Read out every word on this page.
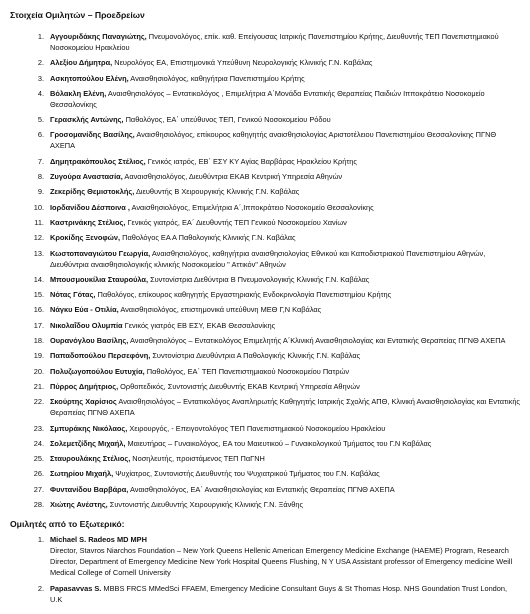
Στοιχεία Ομιλητών – Προεδρείων

1. Αγγουριδάκης Παναγιώτης, Πνευμονολόγος, επίκ. καθ. Επείγουσας Ιατρικής Πανεπιστημίου Κρήτης, Διευθυντής ΤΕΠ Πανεπιστημιακού Νοσοκομείου Ηρακλείου
2. Αλεξίου Δήμητρα, Νευρολόγος ΕΑ, Επιστημονικά Υπεύθυνη Νευρολογικής Κλινικής Γ.Ν. Καβάλας
3. Ασκητοπούλου Ελένη, Αναισθησιολόγος, καθηγήτρια Πανεπιστημίου Κρήτης
4. Βόλακλη Ελένη, Αναισθησιολόγος – Εντατικολόγος , Επιμελήτρια Α΄Μονάδα Εντατικής Θεραπείας Παιδιών Ιπποκράτειο Νοσοκομείο Θεσσαλονίκης
5. Γερασκλής Αντώνης, Παθολόγος, ΕΑ΄ υπεύθυνος ΤΕΠ, Γενικού Νοσοκομείου Ρόδου
6. Γροσομανίδης Βασίλης, Αναισθησιολόγος, επίκουρος καθηγητής αναισθησιολογίας Αριστοτέλειου Πανεπιστημίου Θεσσαλονίκης ΠΓΝΘ ΑΧΕΠΑ
7. Δημητρακόπουλος Στέλιος, Γενικός ιατρός, ΕΒ΄ ΕΣΥ ΚΥ Αγίας Βαρβάρας Ηρακλείου Κρήτης
8. Ζυγούρα Αναστασία, Ααναισθησιολόγος, Διευθύντρια ΕΚΑΒ Κεντρική Υπηρεσία Αθηνών
9. Ζεκερίδης Θεμιστοκλής, Διευθυντής Β Χειρουργικής Κλινικής Γ.Ν. Καβάλας
10. Ιορδανίδου Δέσποινα , Αναισθησιολόγος, Επιμελήτρια Α΄,Ιπποκράτειο Νοσοκομείο Θεσσαλονίκης
11. Καστρινάκης Στέλιος, Γενικός γιατρός, ΕΑ΄ Διευθυντής ΤΕΠ Γενικού Νοσοκομείου Χανίων
12. Κροκίδης Ξενοφών, Παθολόγος ΕΑ Α Παθολογικής Κλινικής Γ.Ν. Καβάλας
13. Κωστοπαναγιώτου Γεωργία, Αναισθησιολόγος, καθηγήτρια αναισθησιολογίας Εθνικού και Καποδιστριακού Πανεπιστημίου Αθηνών, Διευθύντρια αναισθησιολογικής κλινικής Νοσοκομείου " Αττικόν" Αθηνών
14. Μπουσμουκίλια Σταυρούλα, Συντονίστρια Διεθύντρια Β Πνευμονολογικής Κλινικής Γ.Ν. Καβάλας
15. Νότας Γότας, Παθολόγος, επίκουρος καθηγητής Εργαστηριακής Ενδοκρινολογία Πανεπιστημίου Κρήτης
16. Νάγκυ Εύα - Οτιλία, Αναισθησιολόγος, επιστημονικά υπεύθυνη ΜΕΘ Γ,Ν Καβάλας
17. Νικολαΐδου Ολυμπία Γενικός γιατρός ΕΒ ΕΣΥ, ΕΚΑΒ Θεσσαλονίκης
18. Ουρανόγλου Βασίλης, Αναισθησιολόγος – Εντατικολόγος Επιμελητής Α΄Κλινική Αναισθησιολογίας και Εντατικής Θεραπείας ΠΓΝΘ ΑΧΕΠΑ
19. Παπαδοπούλου Περσεφόνη, Συντονίστρια Διευθύντρια Α Παθολογικής Κλινικής Γ.Ν. Καβάλας
20. Πολυζωγοπούλου Ευτυχία, Παθολόγος, ΕΑ΄ ΤΕΠ Πανεπιστημιακού Νοσοκομείου Πατρών
21. Πύρρος Δημήτριος, Ορθοπεδικός, Συντονιστής Διευθυντής ΕΚΑΒ Κεντρική Υπηρεσία Αθηνών
22. Σκούρτης Χαρίσιος Αναισθησιολόγος – Εντατικολόγος Αναπληρωτής Καθηγητής Ιατρικής Σχολής ΑΠΘ, Κλινική Αναισθησιολογίας και Εντατικής Θεραπείας ΠΓΝΘ ΑΧΕΠΑ
23. Σμπυράκης Νικόλαος, Χειρουργός, - Επειγοντολόγος ΤΕΠ Πανεπιστημιακού Νοσοκομείου Ηρακλείου
24. Σολεμετζίδης Μιχαήλ, Μαιευτήρας – Γυναικολόγος, ΕΑ του Μαιευτικού – Γυναικολογικού Τμήματος του Γ.Ν Καβάλας
25. Σταυρουλάκης Στέλιος, Νοσηλευτής, προιστάμενος ΤΕΠ ΠαΓΝΗ
26. Σωτηρίου Μιχαήλ, Ψυχίατρος, Συντονιστής Διευθυντής του Ψυχιατρικού Τμήματος του Γ.Ν. Καβάλας
27. Φυντανίδου Βαρβάρα, Αναισθησιολόγος, ΕΑ΄ Αναισθησιολογίας και Εντατικής Θεραπείας ΠΓΝΘ ΑΧΕΠΑ
28. Χιώτης Ανέστης, Συντονιστής Διευθυντής Χειρουργικής Κλινικής Γ.Ν. Ξάνθης

Ομιλητές από το Εξωτερικό:

1. Michael S. Radeos MD MPH
Director, Stavros Niarchos Foundation – New York Queens Hellenic American Emergency Medicine Exchange (HAEME) Program, Research Director, Department of Emergency Medicine New York Hospital Queens Flushing, N Y USA Assistant professor of Emergency medicine Weill Medical College of Cornell University
2. Papasavvas S. MBBS FRCS MMedSci FFAEM, Emergency Medicine Consultant Guys & St Thomas Hosp. NHS Goundation Trust London, U.K
